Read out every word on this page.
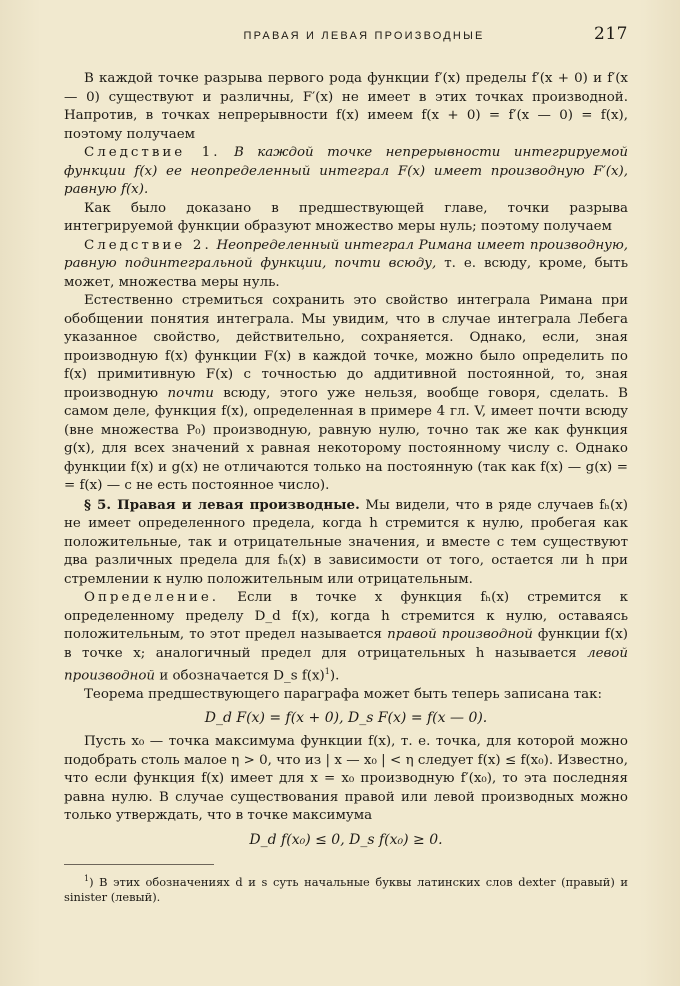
ПРАВАЯ И ЛЕВАЯ ПРОИЗВОДНЫЕ	217

В каждой точке разрыва первого рода функции f′(x) пределы f′(x + 0) и f′(x — 0) существуют и различны, F′(x) не имеет в этих точках производной. Напротив, в точках непрерывности f(x) имеем f(x + 0) = f′(x — 0) = f(x), поэтому получаем

Следствие 1. В каждой точке непрерывности интегрируемой функции f(x) ее неопределенный интеграл F(x) имеет производную F′(x), равную f(x).

Как было доказано в предшествующей главе, точки разрыва интегрируемой функции образуют множество меры нуль; поэтому получаем

Следствие 2. Неопределенный интеграл Римана имеет производную, равную подинтегральной функции, почти всюду, т. е. всюду, кроме, быть может, множества меры нуль.

Естественно стремиться сохранить это свойство интеграла Римана при обобщении понятия интеграла. Мы увидим, что в случае интеграла Лебега указанное свойство, действительно, сохраняется. Однако, если, зная производную f(x) функции F(x) в каждой точке, можно было определить по f(x) примитивную F(x) с точностью до аддитивной постоянной, то, зная производную почти всюду, этого уже нельзя, вообще говоря, сделать. В самом деле, функция f(x), определенная в примере 4 гл. V, имеет почти всюду (вне множества P₀) производную, равную нулю, точно так же как функция g(x), для всех значений x равная некоторому постоянному числу c. Однако функции f(x) и g(x) не отличаются только на постоянную (так как f(x) — g(x) = = f(x) — c не есть постоянное число).

§ 5. Правая и левая производные. Мы видели, что в ряде случаев fₕ(x) не имеет определенного предела, когда h стремится к нулю, пробегая как положительные, так и отрицательные значения, и вместе с тем существуют два различных предела для fₕ(x) в зависимости от того, остается ли h при стремлении к нулю положительным или отрицательным.

Определение. Если в точке x функция fₕ(x) стремится к определенному пределу D_d f(x), когда h стремится к нулю, оставаясь положительным, то этот предел называется правой производной функции f(x) в точке x; аналогичный предел для отрицательных h называется левой производной и обозначается D_s $f(x)^1$).

Теорема предшествующего параграфа может быть теперь записана так:

D_d F(x) = f(x + 0), D_s F(x) = f(x — 0).

Пусть x₀ — точка максимума функции f(x), т. е. точка, для которой можно подобрать столь малое η > 0, что из | x — x₀ | < η следует f(x) ≤ f(x₀). Известно, что если функция f(x) имеет для x = x₀ производную f′(x₀), то эта последняя равна нулю. В случае существования правой или левой производных можно только утверждать, что в точке максимума

D_d f(x₀) ≤ 0, D_s f(x₀) ≥ 0.

$^1$) В этих обозначениях d и s суть начальные буквы латинских слов dexter (правый) и sinister (левый).
